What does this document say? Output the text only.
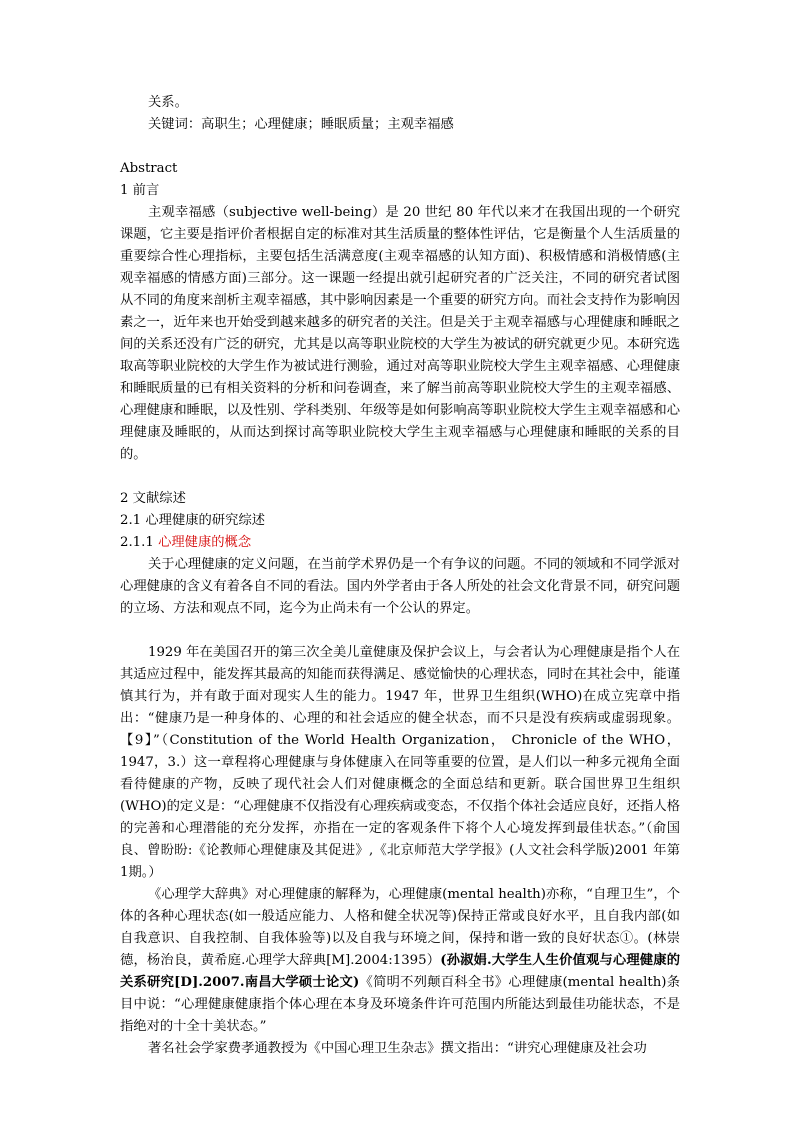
关系。

关键词：高职生；心理健康；睡眠质量；主观幸福感

Abstract

1 前言

主观幸福感（subjective well-being）是 20 世纪 80 年代以来才在我国出现的一个研究课题，它主要是指评价者根据自定的标准对其生活质量的整体性评估，它是衡量个人生活质量的重要综合性心理指标，主要包括生活满意度(主观幸福感的认知方面)、积极情感和消极情感(主观幸福感的情感方面)三部分。这一课题一经提出就引起研究者的广泛关注，不同的研究者试图从不同的角度来剖析主观幸福感，其中影响因素是一个重要的研究方向。而社会支持作为影响因素之一，近年来也开始受到越来越多的研究者的关注。但是关于主观幸福感与心理健康和睡眠之间的关系还没有广泛的研究，尤其是以高等职业院校的大学生为被试的研究就更少见。本研究选取高等职业院校的大学生作为被试进行测验，通过对高等职业院校大学生主观幸福感、心理健康和睡眠质量的已有相关资料的分析和问卷调查，来了解当前高等职业院校大学生的主观幸福感、心理健康和睡眠，以及性别、学科类别、年级等是如何影响高等职业院校大学生主观幸福感和心理健康及睡眠的，从而达到探讨高等职业院校大学生主观幸福感与心理健康和睡眠的关系的目的。

2 文献综述

2.1 心理健康的研究综述

2.1.1 心理健康的概念

关于心理健康的定义问题，在当前学术界仍是一个有争议的问题。不同的领域和不同学派对心理健康的含义有着各自不同的看法。国内外学者由于各人所处的社会文化背景不同，研究问题的立场、方法和观点不同，迄今为止尚未有一个公认的界定。

1929 年在美国召开的第三次全美儿童健康及保护会议上，与会者认为心理健康是指个人在其适应过程中，能发挥其最高的知能而获得满足、感觉愉快的心理状态，同时在其社会中，能谨慎其行为，并有敢于面对现实人生的能力。1947 年，世界卫生组织(WHO)在成立宪章中指出：“健康乃是一种身体的、心理的和社会适应的健全状态，而不只是没有疾病或虚弱现象。【9】”（Constitution of the World Health Organization， Chronicle of the WHO，1947，3.）这一章程将心理健康与身体健康入在同等重要的位置，是人们以一种多元视角全面看待健康的产物，反映了现代社会人们对健康概念的全面总结和更新。联合国世界卫生组织(WHO)的定义是：“心理健康不仅指没有心理疾病或变态，不仅指个体社会适应良好，还指人格的完善和心理潜能的充分发挥，亦指在一定的客观条件下将个人心境发挥到最佳状态。”（俞国良、曾盼盼:《论教师心理健康及其促进》,《北京师范大学学报》(人文社会科学版)2001 年第 1期。）

《心理学大辞典》对心理健康的解释为，心理健康(mental health)亦称，“自理卫生”，个体的各种心理状态(如一般适应能力、人格和健全状况等)保持正常或良好水平，且自我内部(如自我意识、自我控制、自我体验等)以及自我与环境之间，保持和谐一致的良好状态①。(林崇德，杨治良，黄希庭.心理学大辞典[M].2004:1395）(孙淑娟.大学生人生价值观与心理健康的关系研究[D].2007.南昌大学硕士论文)《简明不列颠百科全书》心理健康(mental health)条目中说：“心理健康健康指个体心理在本身及环境条件许可范围内所能达到最佳功能状态，不是指绝对的十全十美状态。”

著名社会学家费孝通教授为《中国心理卫生杂志》撰文指出：“讲究心理健康及社会功
